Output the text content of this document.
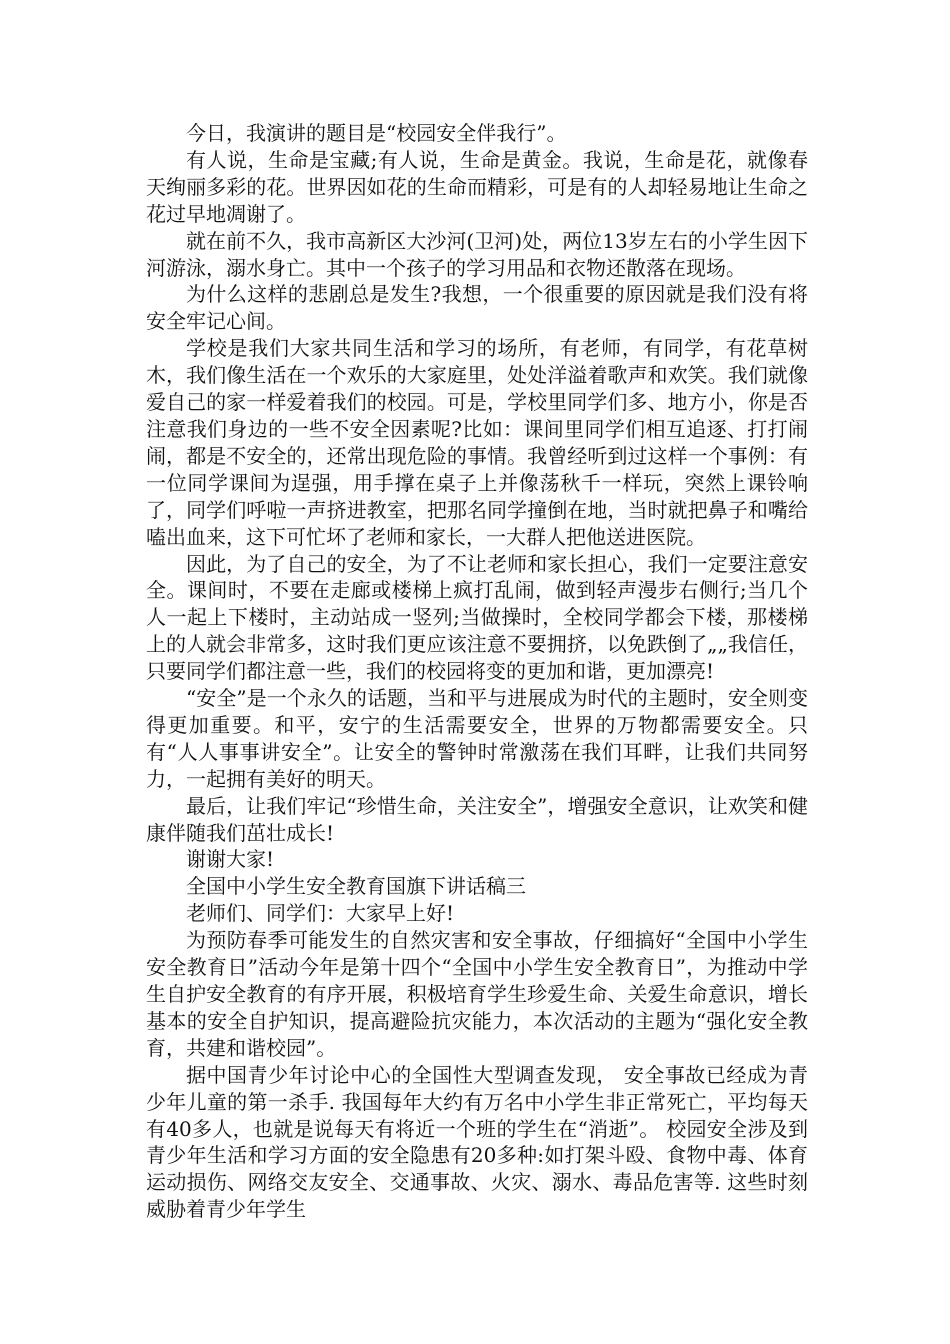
今日，我演讲的题目是“校园安全伴我行”。

有人说，生命是宝藏;有人说，生命是黄金。我说，生命是花，就像春天绚丽多彩的花。世界因如花的生命而精彩，可是有的人却轻易地让生命之花过早地凋谢了。

就在前不久，我市高新区大沙河(卫河)处，两位13岁左右的小学生因下河游泳，溺水身亡。其中一个孩子的学习用品和衣物还散落在现场。

为什么这样的悲剧总是发生?我想，一个很重要的原因就是我们没有将安全牢记心间。

学校是我们大家共同生活和学习的场所，有老师，有同学，有花草树木，我们像生活在一个欢乐的大家庭里，处处洋溢着歌声和欢笑。我们就像爱自己的家一样爱着我们的校园。可是，学校里同学们多、地方小，你是否注意我们身边的一些不安全因素呢?比如：课间里同学们相互追逐、打打闹闹，都是不安全的，还常出现危险的事情。我曾经听到过这样一个事例：有一位同学课间为逞强，用手撑在桌子上并像荡秋千一样玩，突然上课铃响了，同学们呼啦一声挤进教室，把那名同学撞倒在地，当时就把鼻子和嘴给嗑出血来，这下可忙坏了老师和家长，一大群人把他送进医院。

因此，为了自己的安全，为了不让老师和家长担心，我们一定要注意安全。课间时，不要在走廊或楼梯上疯打乱闹，做到轻声漫步右侧行;当几个人一起上下楼时，主动站成一竖列;当做操时，全校同学都会下楼，那楼梯上的人就会非常多，这时我们更应该注意不要拥挤，以免跌倒了„„我信任，只要同学们都注意一些，我们的校园将变的更加和谐，更加漂亮!

“安全”是一个永久的话题，当和平与进展成为时代的主题时，安全则变得更加重要。和平，安宁的生活需要安全，世界的万物都需要安全。只有“人人事事讲安全”。让安全的警钟时常激荡在我们耳畔，让我们共同努力，一起拥有美好的明天。

最后，让我们牢记“珍惜生命，关注安全”，增强安全意识，让欢笑和健康伴随我们茁壮成长!

谢谢大家!

全国中小学生安全教育国旗下讲话稿三

老师们、同学们：大家早上好!

为预防春季可能发生的自然灾害和安全事故，仔细搞好“全国中小学生安全教育日”活动今年是第十四个“全国中小学生安全教育日”，为推动中学生自护安全教育的有序开展，积极培育学生珍爱生命、关爱生命意识，增长基本的安全自护知识，提高避险抗灾能力，本次活动的主题为“强化安全教育，共建和谐校园”。

据中国青少年讨论中心的全国性大型调查发现， 安全事故已经成为青少年儿童的第一杀手. 我国每年大约有万名中小学生非正常死亡，平均每天有40多人，也就是说每天有将近一个班的学生在“消逝”。 校园安全涉及到青少年生活和学习方面的安全隐患有20多种:如打架斗殴、食物中毒、体育运动损伤、网络交友安全、交通事故、火灾、溺水、毒品危害等. 这些时刻威胁着青少年学生
